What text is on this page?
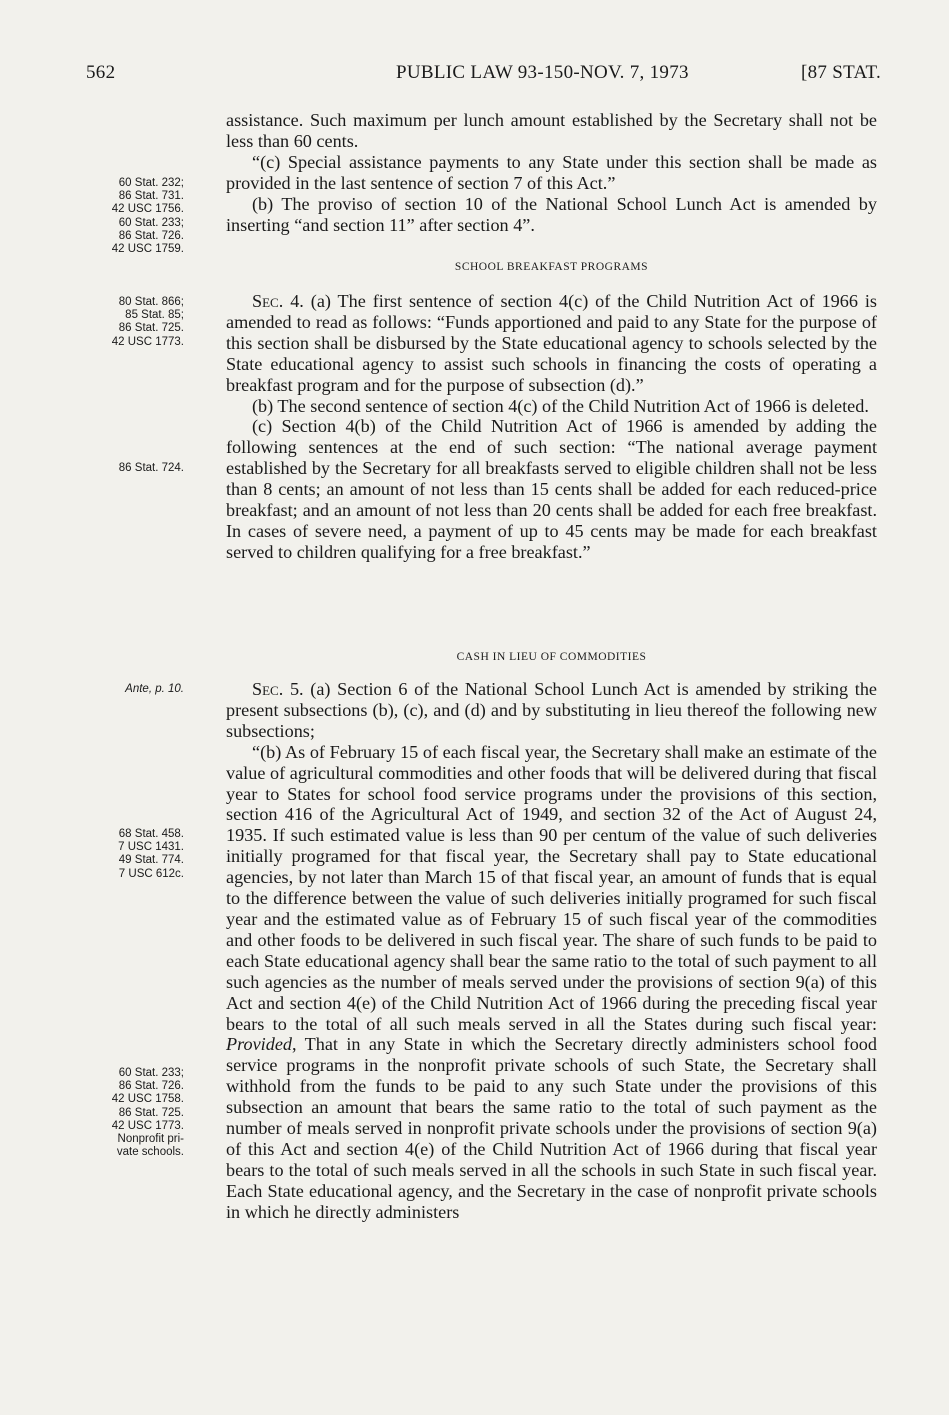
562	PUBLIC LAW 93-150-NOV. 7, 1973	[87 STAT.
60 Stat. 232;
86 Stat. 731.
42 USC 1756.
60 Stat. 233;
86 Stat. 726.
42 USC 1759.
80 Stat. 866;
85 Stat. 85;
86 Stat. 725.
42 USC 1773.
86 Stat. 724.
Ante, p. 10.
68 Stat. 458.
7 USC 1431.
49 Stat. 774.
7 USC 612c.
60 Stat. 233;
86 Stat. 726.
42 USC 1758.
86 Stat. 725.
42 USC 1773.
Nonprofit pri-
vate schools.

assistance. Such maximum per lunch amount established by the Secretary shall not be less than 60 cents.

“(c) Special assistance payments to any State under this section shall be made as provided in the last sentence of section 7 of this Act.”

(b) The proviso of section 10 of the National School Lunch Act is amended by inserting “and section 11” after section 4”.

SCHOOL BREAKFAST PROGRAMS

Sec. 4. (a) The first sentence of section 4(c) of the Child Nutrition Act of 1966 is amended to read as follows: “Funds apportioned and paid to any State for the purpose of this section shall be disbursed by the State educational agency to schools selected by the State educational agency to assist such schools in financing the costs of operating a breakfast program and for the purpose of subsection (d).”

(b) The second sentence of section 4(c) of the Child Nutrition Act of 1966 is deleted.

(c) Section 4(b) of the Child Nutrition Act of 1966 is amended by adding the following sentences at the end of such section: “The national average payment established by the Secretary for all breakfasts served to eligible children shall not be less than 8 cents; an amount of not less than 15 cents shall be added for each reduced-price breakfast; and an amount of not less than 20 cents shall be added for each free breakfast. In cases of severe need, a payment of up to 45 cents may be made for each breakfast served to children qualifying for a free breakfast.”

CASH IN LIEU OF COMMODITIES

Sec. 5. (a) Section 6 of the National School Lunch Act is amended by striking the present subsections (b), (c), and (d) and by substituting in lieu thereof the following new subsections;

“(b) As of February 15 of each fiscal year, the Secretary shall make an estimate of the value of agricultural commodities and other foods that will be delivered during that fiscal year to States for school food service programs under the provisions of this section, section 416 of the Agricultural Act of 1949, and section 32 of the Act of August 24, 1935. If such estimated value is less than 90 per centum of the value of such deliveries initially programed for that fiscal year, the Secretary shall pay to State educational agencies, by not later than March 15 of that fiscal year, an amount of funds that is equal to the difference between the value of such deliveries initially programed for such fiscal year and the estimated value as of February 15 of such fiscal year of the commodities and other foods to be delivered in such fiscal year. The share of such funds to be paid to each State educational agency shall bear the same ratio to the total of such payment to all such agencies as the number of meals served under the provisions of section 9(a) of this Act and section 4(e) of the Child Nutrition Act of 1966 during the preceding fiscal year bears to the total of all such meals served in all the States during such fiscal year: Provided, That in any State in which the Secretary directly administers school food service programs in the nonprofit private schools of such State, the Secretary shall withhold from the funds to be paid to any such State under the provisions of this subsection an amount that bears the same ratio to the total of such payment as the number of meals served in nonprofit private schools under the provisions of section 9(a) of this Act and section 4(e) of the Child Nutrition Act of 1966 during that fiscal year bears to the total of such meals served in all the schools in such State in such fiscal year. Each State educational agency, and the Secretary in the case of nonprofit private schools in which he directly administers
